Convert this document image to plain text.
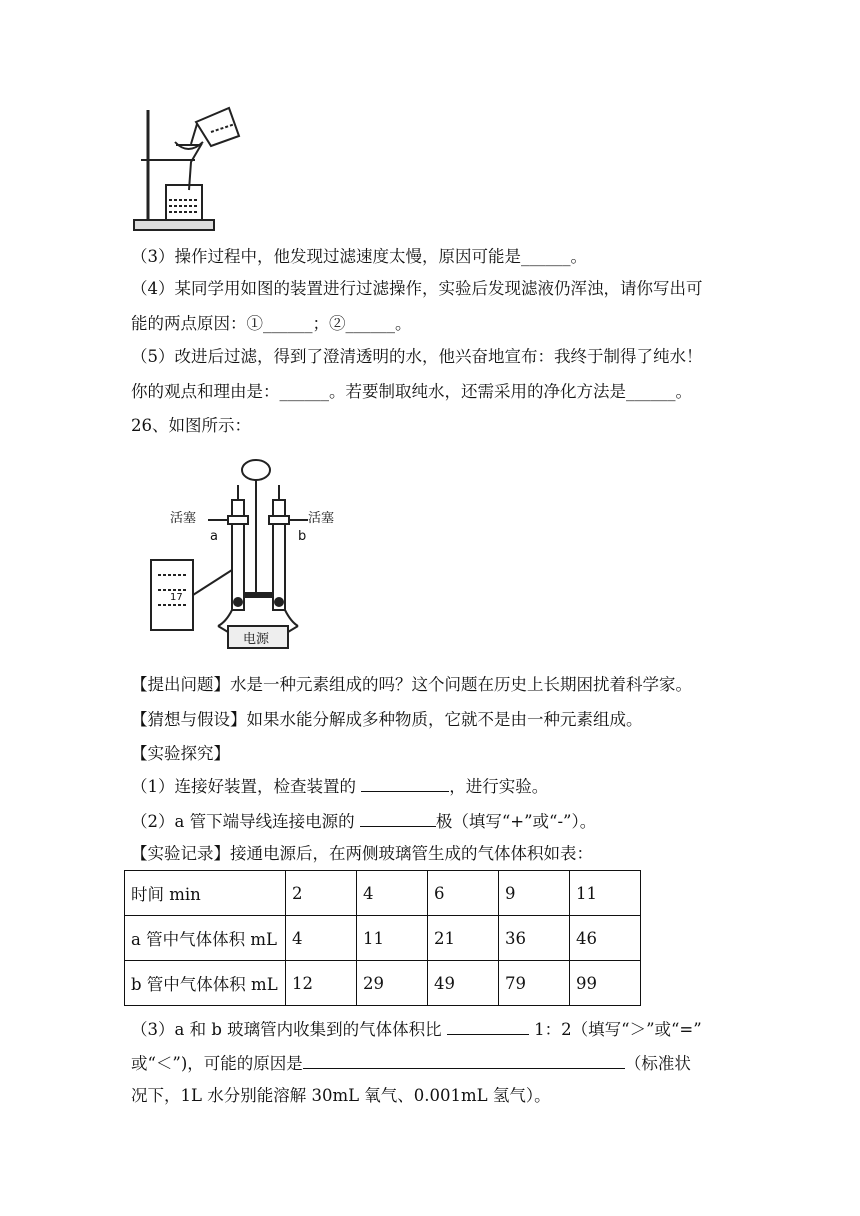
（3）操作过程中，他发现过滤速度太慢，原因可能是______。
（4）某同学用如图的装置进行过滤操作，实验后发现滤液仍浑浊，请你写出可
能的两点原因：①______；②______。
（5）改进后过滤，得到了澄清透明的水，他兴奋地宣布：我终于制得了纯水！
你的观点和理由是：______。若要制取纯水，还需采用的净化方法是______。
26、如图所示：
活塞	活塞
a	b
电源
17
【提出问题】水是一种元素组成的吗？这个问题在历史上长期困扰着科学家。
【猜想与假设】如果水能分解成多种物质，它就不是由一种元素组成。
【实验探究】
（1）连接好装置，检查装置的	，进行实验。
（2）a 管下端导线连接电源的	极（填写“+”或“-”）。
【实验记录】接通电源后，在两侧玻璃管生成的气体体积如表：
时间 min	2	4	6	9	11
a 管中气体体积 mL	4	11	21	36	46
b 管中气体体积 mL	12	29	49	79	99
（3）a 和 b 玻璃管内收集到的气体体积比	1：2（填写“＞”或“=”
或“＜”)，可能的原因是	（标准状
况下，1L 水分别能溶解 30mL 氧气、0.001mL 氢气）。
